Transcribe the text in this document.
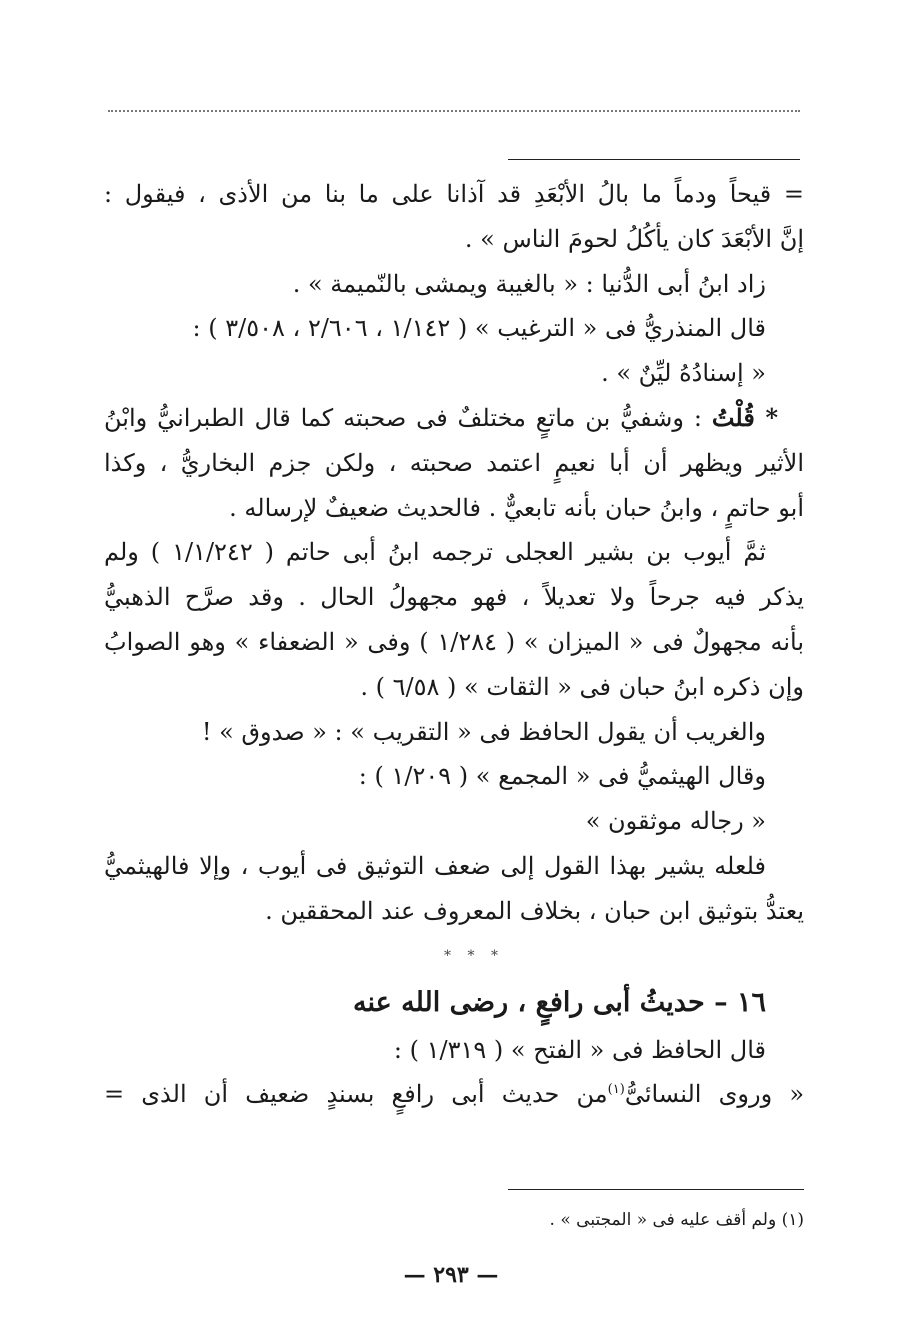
= قيحاً ودماً ما بالُ الأبْعَدِ قد آذانا على ما بنا من الأذى ، فيقول :
إنَّ الأبْعَدَ كان يأكُلُ لحومَ الناس » .
زاد ابنُ أبى الدُّنيا : « بالغيبة ويمشى بالنّميمة » .
قال المنذريُّ فى « الترغيب » ( ١/١٤٢ ، ٢/٦٠٦ ، ٣/٥٠٨ ) :
« إسنادُهُ ليِّنٌ » .
* قُلْتُ : وشفيُّ بن ماتعٍ مختلفٌ فى صحبته كما قال الطبرانيُّ وابْنُ
الأثير ويظهر أن أبا نعيمٍ اعتمد صحبته ، ولكن جزم البخاريُّ ، وكذا
أبو حاتمٍ ، وابنُ حبان بأنه تابعيٌّ . فالحديث ضعيفٌ لإرساله .
ثمَّ أيوب بن بشير العجلى ترجمه ابنُ أبى حاتم ( ١/١/٢٤٢ ) ولم
يذكر فيه جرحاً ولا تعديلاً ، فهو مجهولُ الحال . وقد صرَّح الذهبيُّ
بأنه مجهولٌ فى « الميزان » ( ١/٢٨٤ ) وفى « الضعفاء » وهو الصوابُ
وإن ذكره ابنُ حبان فى « الثقات » ( ٦/٥٨ ) .
والغريب أن يقول الحافظ فى « التقريب » : « صدوق » !
وقال الهيثميُّ فى « المجمع » ( ١/٢٠٩ ) :
« رجاله موثقون »
فلعله يشير بهذا القول إلى ضعف التوثيق فى أيوب ، وإلا فالهيثميُّ
يعتدُّ بتوثيق ابن حبان ، بخلاف المعروف عند المحققين .
* * *
١٦ – حديثُ أبى رافعٍ ، رضى الله عنه
قال الحافظ فى « الفتح » ( ١/٣١٩ ) :
« وروى النسائىُّ$^{(١)}$من حديث أبى رافعٍ بسندٍ ضعيف أن الذى =
(١) ولم أقف عليه فى « المجتبى » .
— ٢٩٣ —
